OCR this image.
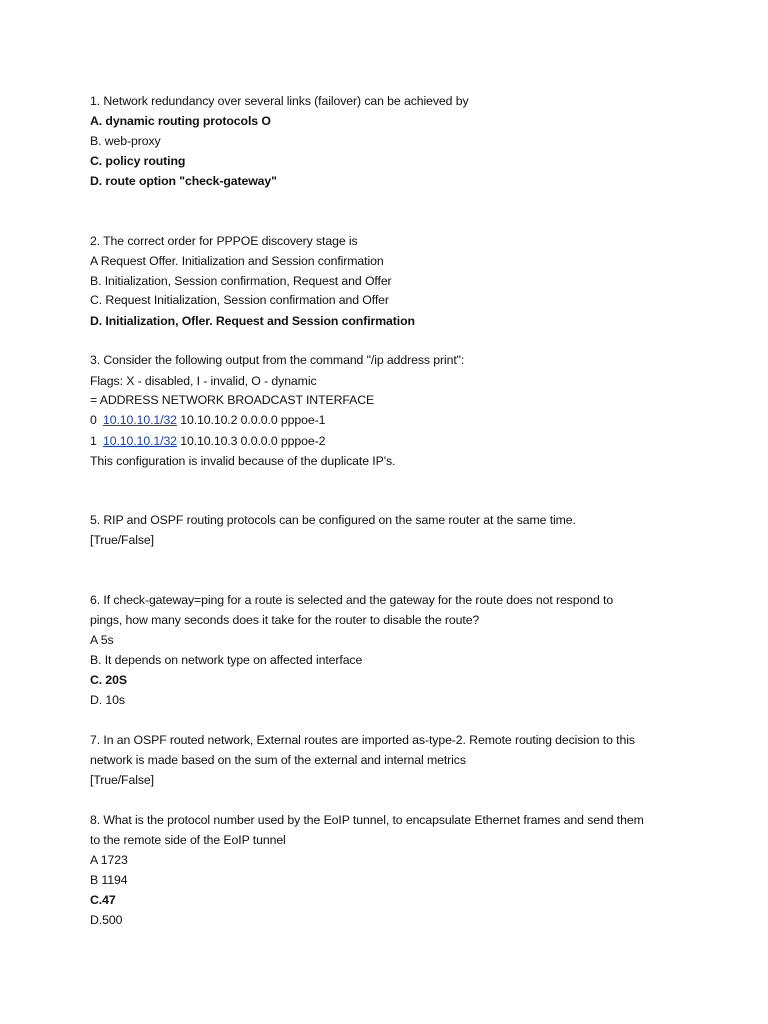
1. Network redundancy over several links (failover) can be achieved by
A. dynamic routing protocols O
B. web-proxy
C. policy routing
D. route option "check-gateway"
2. The correct order for PPPOE discovery stage is
A Request Offer. Initialization and Session confirmation
B. Initialization, Session confirmation, Request and Offer
C. Request Initialization, Session confirmation and Offer
D. Initialization, Ofler. Request and Session confirmation
3. Consider the following output from the command "/ip address print":
Flags: X - disabled, I - invalid, O - dynamic
= ADDRESS NETWORK BROADCAST INTERFACE
0 10.10.10.1/32 10.10.10.2 0.0.0.0 pppoe-1
1 10.10.10.1/32 10.10.10.3 0.0.0.0 pppoe-2
This configuration is invalid because of the duplicate IP's.
5. RIP and OSPF routing protocols can be configured on the same router at the same time.
[True/False]
6. If check-gateway=ping for a route is selected and the gateway for the route does not respond to
pings, how many seconds does it take for the router to disable the route?
A 5s
B. It depends on network type on affected interface
C. 20S
D. 10s
7. In an OSPF routed network, External routes are imported as-type-2. Remote routing decision to this
network is made based on the sum of the external and internal metrics
[True/False]
8. What is the protocol number used by the EoIP tunnel, to encapsulate Ethernet frames and send them
to the remote side of the EoIP tunnel
A 1723
B 1194
C.47
D.500
